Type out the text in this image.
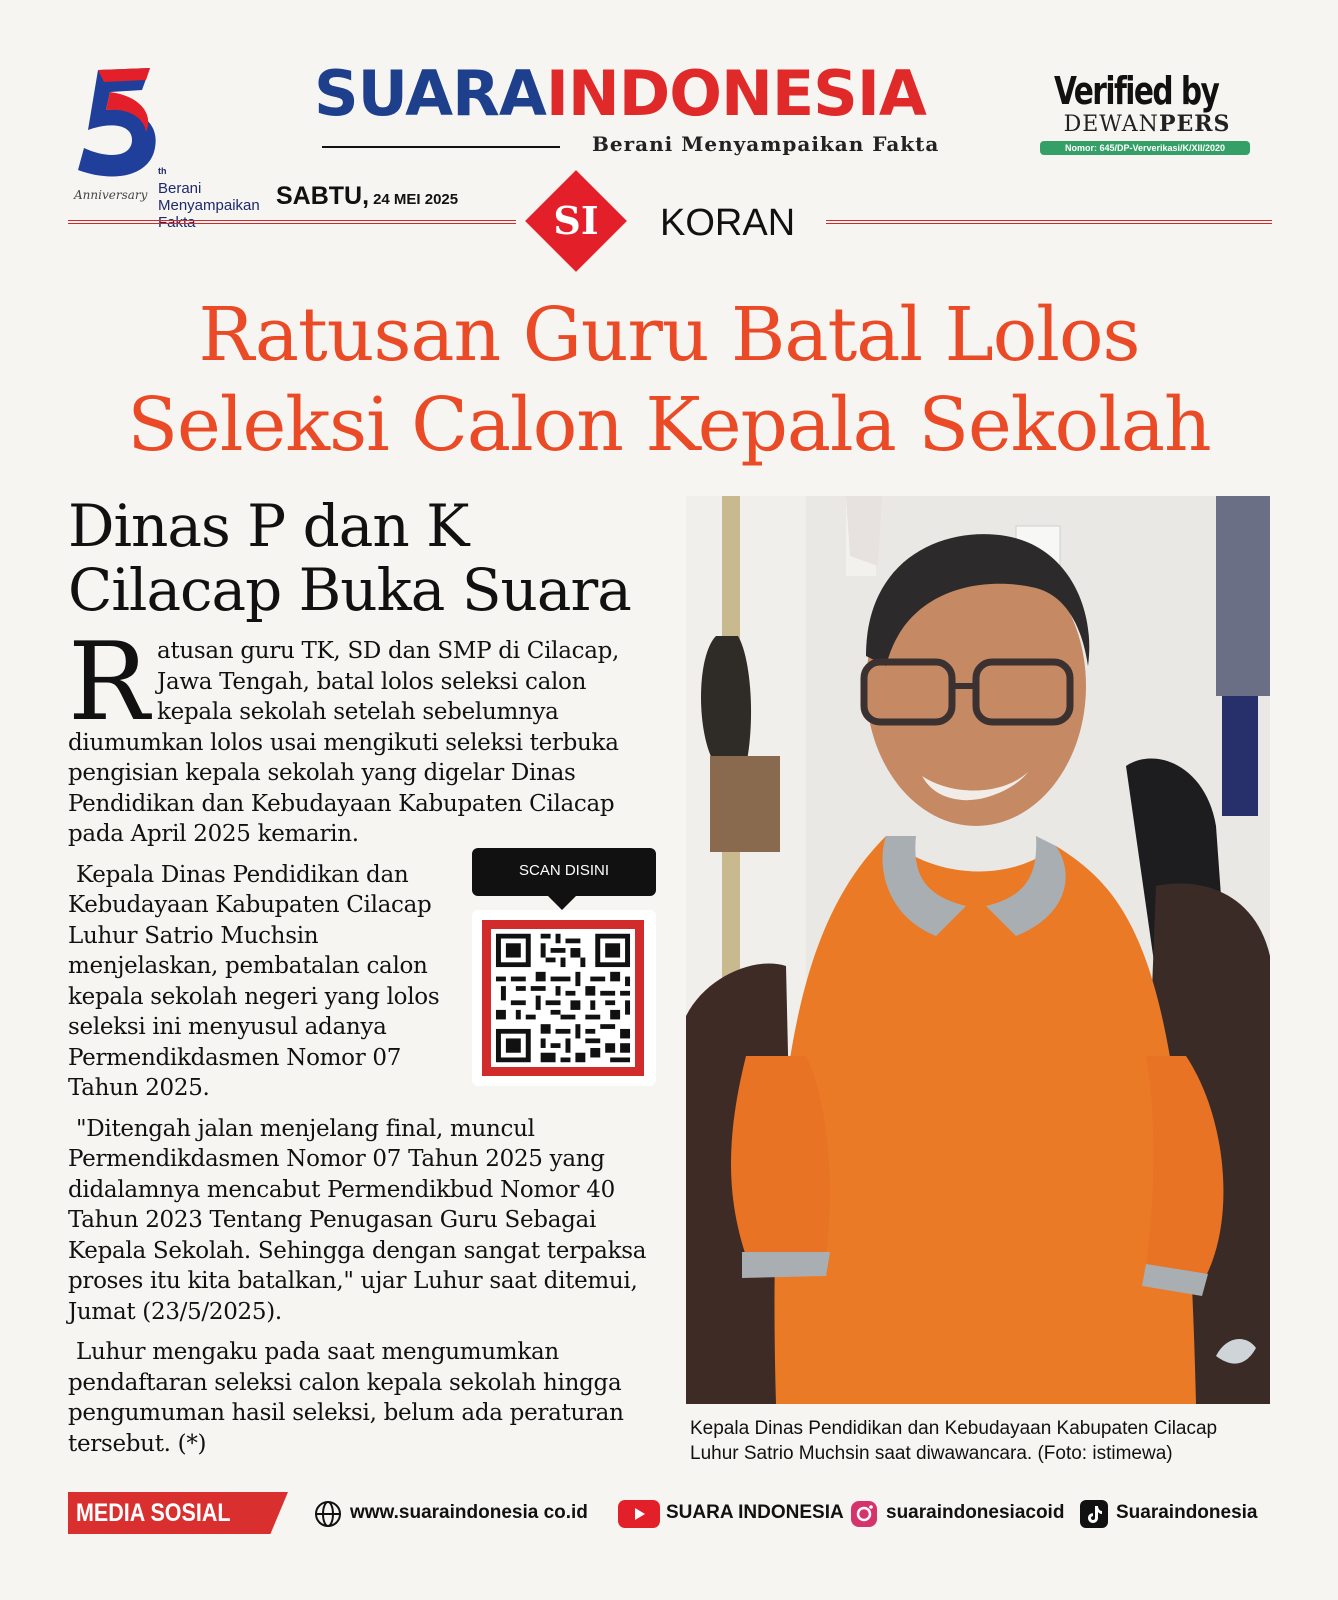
th
Berani
Menyampaikan
Fakta
Anniversary
SUARAINDONESIA
Berani Menyampaikan Fakta
Verified by
DEWANPERS
Nomor: 645/DP-Ververikasi/K/XII/2020
SABTU, 24 MEI 2025	SI	KORAN
Ratusan Guru Batal Lolos
Seleksi Calon Kepala Sekolah
Dinas P dan K
Cilacap Buka Suara

Ratusan guru TK, SD dan SMP di Cilacap, Jawa Tengah, batal lolos seleksi calon kepala sekolah setelah sebelumnya diumumkan lolos usai mengikuti seleksi terbuka pengisian kepala sekolah yang digelar Dinas Pendidikan dan Kebudayaan Kabupaten Cilacap pada April 2025 kemarin.

Kepala Dinas Pendidikan dan Kebudayaan Kabupaten Cilacap Luhur Satrio Muchsin menjelaskan, pembatalan calon kepala sekolah negeri yang lolos seleksi ini menyusul adanya Permendikdasmen Nomor 07 Tahun 2025.

"Ditengah jalan menjelang final, muncul Permendikdasmen Nomor 07 Tahun 2025 yang didalamnya mencabut Permendikbud Nomor 40 Tahun 2023 Tentang Penugasan Guru Sebagai Kepala Sekolah. Sehingga dengan sangat terpaksa proses itu kita batalkan," ujar Luhur saat ditemui, Jumat (23/5/2025).

Luhur mengaku pada saat mengumumkan pendaftaran seleksi calon kepala sekolah hingga pengumuman hasil seleksi, belum ada peraturan tersebut. (*)

SCAN DISINI
Kepala Dinas Pendidikan dan Kebudayaan Kabupaten Cilacap
Luhur Satrio Muchsin saat diwawancara. (Foto: istimewa)
MEDIA SOSIAL	www.suaraindonesia co.id	SUARA INDONESIA suaraindonesiacoid	Suaraindonesia
